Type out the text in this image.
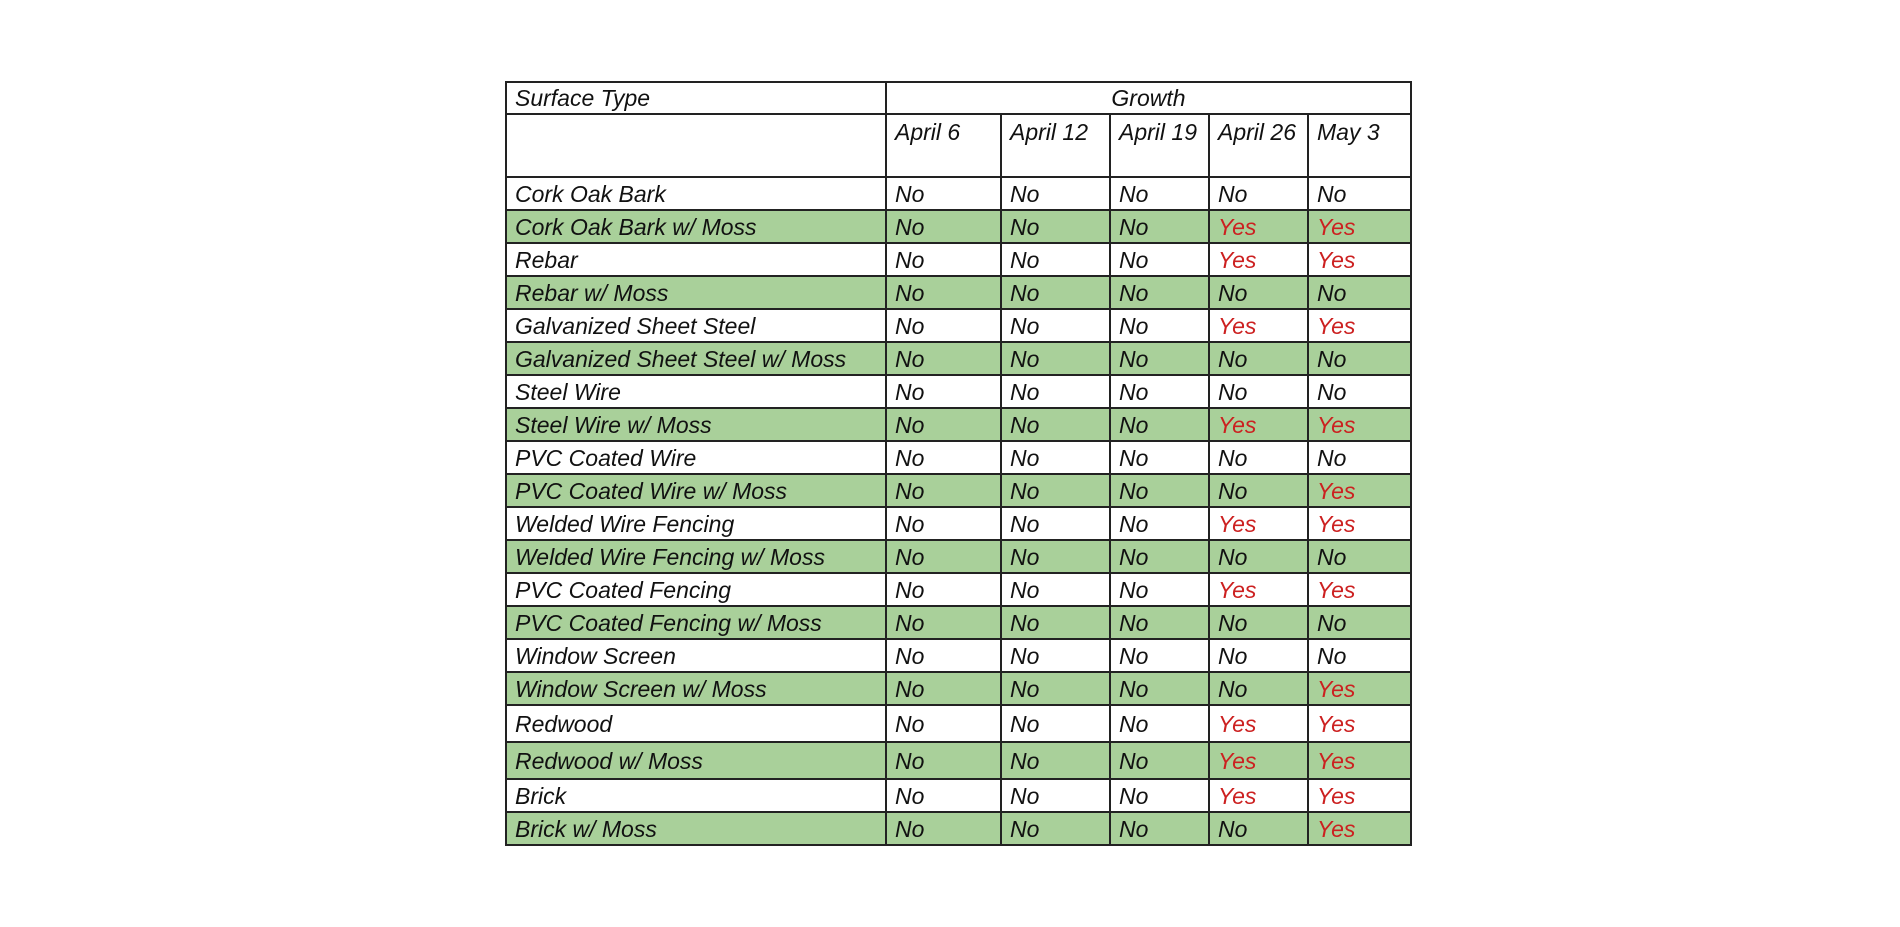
Surface Type	Growth				
	April 6	April 12	April 19	April 26	May 3
Cork Oak Bark	No	No	No	No	No
Cork Oak Bark w/ Moss	No	No	No	Yes	Yes
Rebar	No	No	No	Yes	Yes
Rebar w/ Moss	No	No	No	No	No
Galvanized Sheet Steel	No	No	No	Yes	Yes
Galvanized Sheet Steel w/ Moss	No	No	No	No	No
Steel Wire	No	No	No	No	No
Steel Wire w/ Moss	No	No	No	Yes	Yes
PVC Coated Wire	No	No	No	No	No
PVC Coated Wire w/ Moss	No	No	No	No	Yes
Welded Wire Fencing	No	No	No	Yes	Yes
Welded Wire Fencing w/ Moss	No	No	No	No	No
PVC Coated Fencing	No	No	No	Yes	Yes
PVC Coated Fencing w/ Moss	No	No	No	No	No
Window Screen	No	No	No	No	No
Window Screen w/ Moss	No	No	No	No	Yes
Redwood	No	No	No	Yes	Yes
Redwood w/ Moss	No	No	No	Yes	Yes
Brick	No	No	No	Yes	Yes
Brick w/ Moss	No	No	No	No	Yes
